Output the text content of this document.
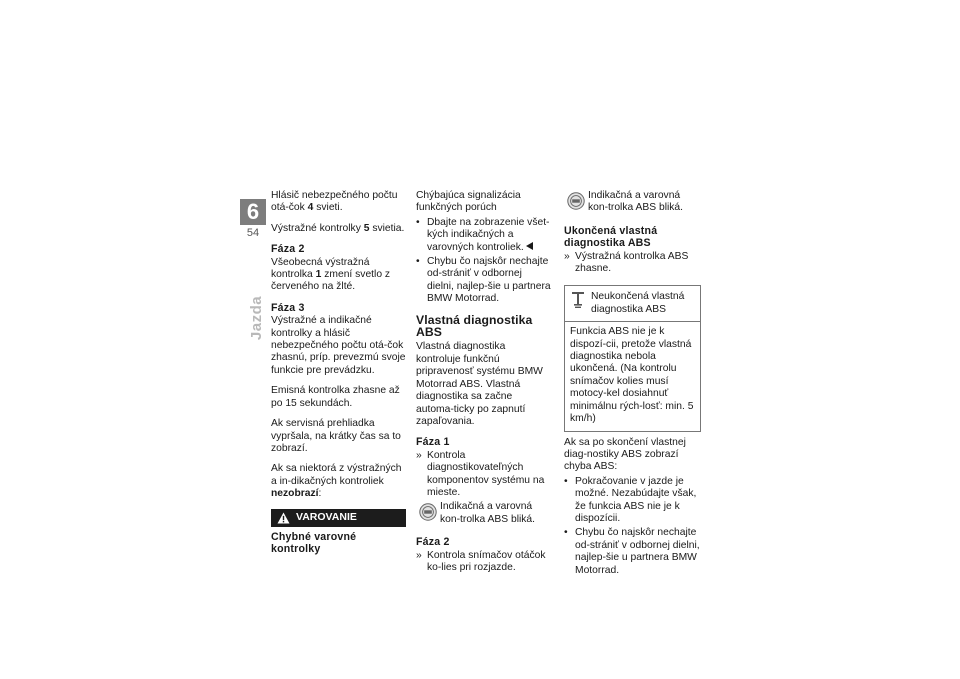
6
54
Jazda

Hlásič nebezpečného počtu otá-čok 4 svieti.

Výstražné kontrolky 5 svietia.

Fáza 2

Všeobecná výstražná kontrolka 1 zmení svetlo z červeného na žlté.

Fáza 3

Výstražné a indikačné kontrolky a hlásič nebezpečného počtu otá-čok zhasnú, príp. prevezmú svoje funkcie pre prevádzku.

Emisná kontrolka zhasne až po 15 sekundách.

Ak servisná prehliadka vypršala, na krátky čas sa to zobrazí.

Ak sa niektorá z výstražných a in-dikačných kontroliek nezobrazí:

VAROVANIE
Chybné varovné kontrolky

Chýbajúca signalizácia funkčných porúch

• Dbajte na zobrazenie všet-kých indikačných a varovných kontroliek.
• Chybu čo najskôr nechajte od-strániť v odbornej dielni, najlep-šie u partnera BMW Motorrad.
Vlastná diagnostika ABS

Vlastná diagnostika kontroluje funkčnú pripravenosť systému BMW Motorrad ABS. Vlastná diagnostika sa začne automa-ticky po zapnutí zapaľovania.

Fáza 1
» Kontrola diagnostikovateľných komponentov systému na mieste.
Indikačná a varovná kon-trolka ABS bliká.
Fáza 2
» Kontrola snímačov otáčok ko-lies pri rozjazde.
Indikačná a varovná kon-trolka ABS bliká.
Ukončená vlastná diagnostika ABS
» Výstražná kontrolka ABS zhasne.
Neukončená vlastná diagnostika ABS
Funkcia ABS nie je k dispozí-cii, pretože vlastná diagnostika nebola ukončená. (Na kontrolu snímačov kolies musí motocy-kel dosiahnuť minimálnu rých-losť: min. 5 km/h)

Ak sa po skončení vlastnej diag-nostiky ABS zobrazí chyba ABS:

• Pokračovanie v jazde je možné. Nezabúdajte však, že funkcia ABS nie je k dispozícii.
• Chybu čo najskôr nechajte od-strániť v odbornej dielni, najlep-šie u partnera BMW Motorrad.
